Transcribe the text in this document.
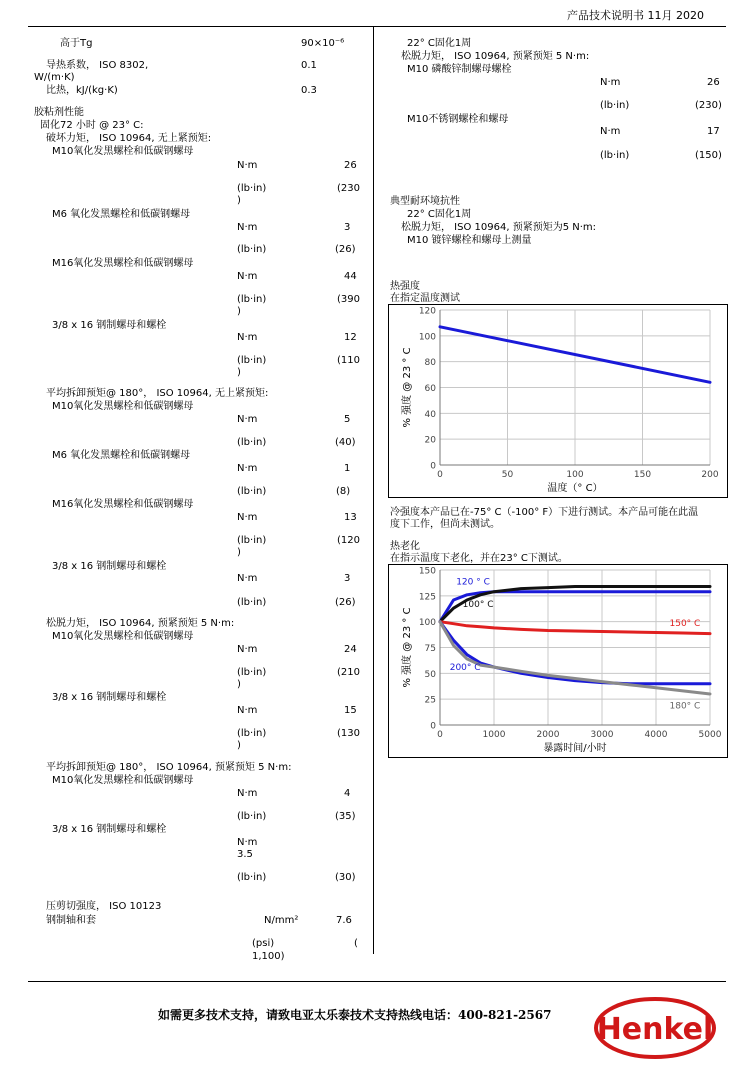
产品技术说明书 11月 2020
高于Tg	90×10⁻⁶
导热系数， ISO 8302,
W/(m·K)
0.1
比热，kJ/(kg·K)	0.3
胶粘剂性能
固化72 小时 @ 23° C:
破坏力矩， ISO 10964, 无上紧预矩:
M10氧化发黑螺栓和低碳钢螺母
N·m	26
(lb·in)	(230
)
M6 氧化发黑螺栓和低碳钢螺母
N·m	3
(lb·in)	(26)
M16氧化发黑螺栓和低碳钢螺母
N·m	44
(lb·in)	(390
)
3/8 x 16 钢制螺母和螺栓
N·m	12
(lb·in)	(110
)
平均拆卸预矩@ 180°， ISO 10964, 无上紧预矩:
M10氧化发黑螺栓和低碳钢螺母
N·m	5
(lb·in)	(40)
M6 氧化发黑螺栓和低碳钢螺母
N·m	1
(lb·in)	(8)
M16氧化发黑螺栓和低碳钢螺母
N·m	13
(lb·in)	(120
)
3/8 x 16 钢制螺母和螺栓
N·m	3
(lb·in)	(26)
松脱力矩， ISO 10964, 预紧预矩 5 N·m:
M10氧化发黑螺栓和低碳钢螺母
N·m	24
(lb·in)	(210
)
3/8 x 16 钢制螺母和螺栓
N·m	15
(lb·in)	(130
)
平均拆卸预矩@ 180°， ISO 10964, 预紧预矩 5 N·m:
M10氧化发黑螺栓和低碳钢螺母
N·m	4
(lb·in)	(35)
3/8 x 16 钢制螺母和螺栓
N·m
3.5
(lb·in)	(30)
压剪切强度， ISO 10123
钢制轴和套	N/mm²	7.6
(psi)	(
1,100)
22° C固化1周
松脱力矩， ISO 10964, 预紧预矩 5 N·m:
M10 磷酸锌制螺母螺栓
N·m	26
(lb·in)	(230)
M10不锈钢螺栓和螺母
N·m	17
(lb·in)	(150)
典型耐环境抗性
22° C固化1周
松脱力矩， ISO 10964, 预紧预矩为5 N·m:
M10 镀锌螺栓和螺母上测量
热强度
在指定温度测试
0
20
40
60
80
100
120
0	50	100	150	200
温度（° C）
% 强度 @ 23 ° C
冷强度本产品已在-75° C（-100° F）下进行测试。本产品可能在此温
度下工作，但尚未测试。
热老化
在指示温度下老化，并在23° C下测试。
0
25
50
75
100
125
150
0	1000	2000	3000	4000	5000
暴露时间/小时
% 强度 @ 23 ° C
120 ° C
100° C
150° C
200° C
180° C
如需更多技术支持，请致电亚太乐泰技术支持热线电话：400-821-2567 Henkel
